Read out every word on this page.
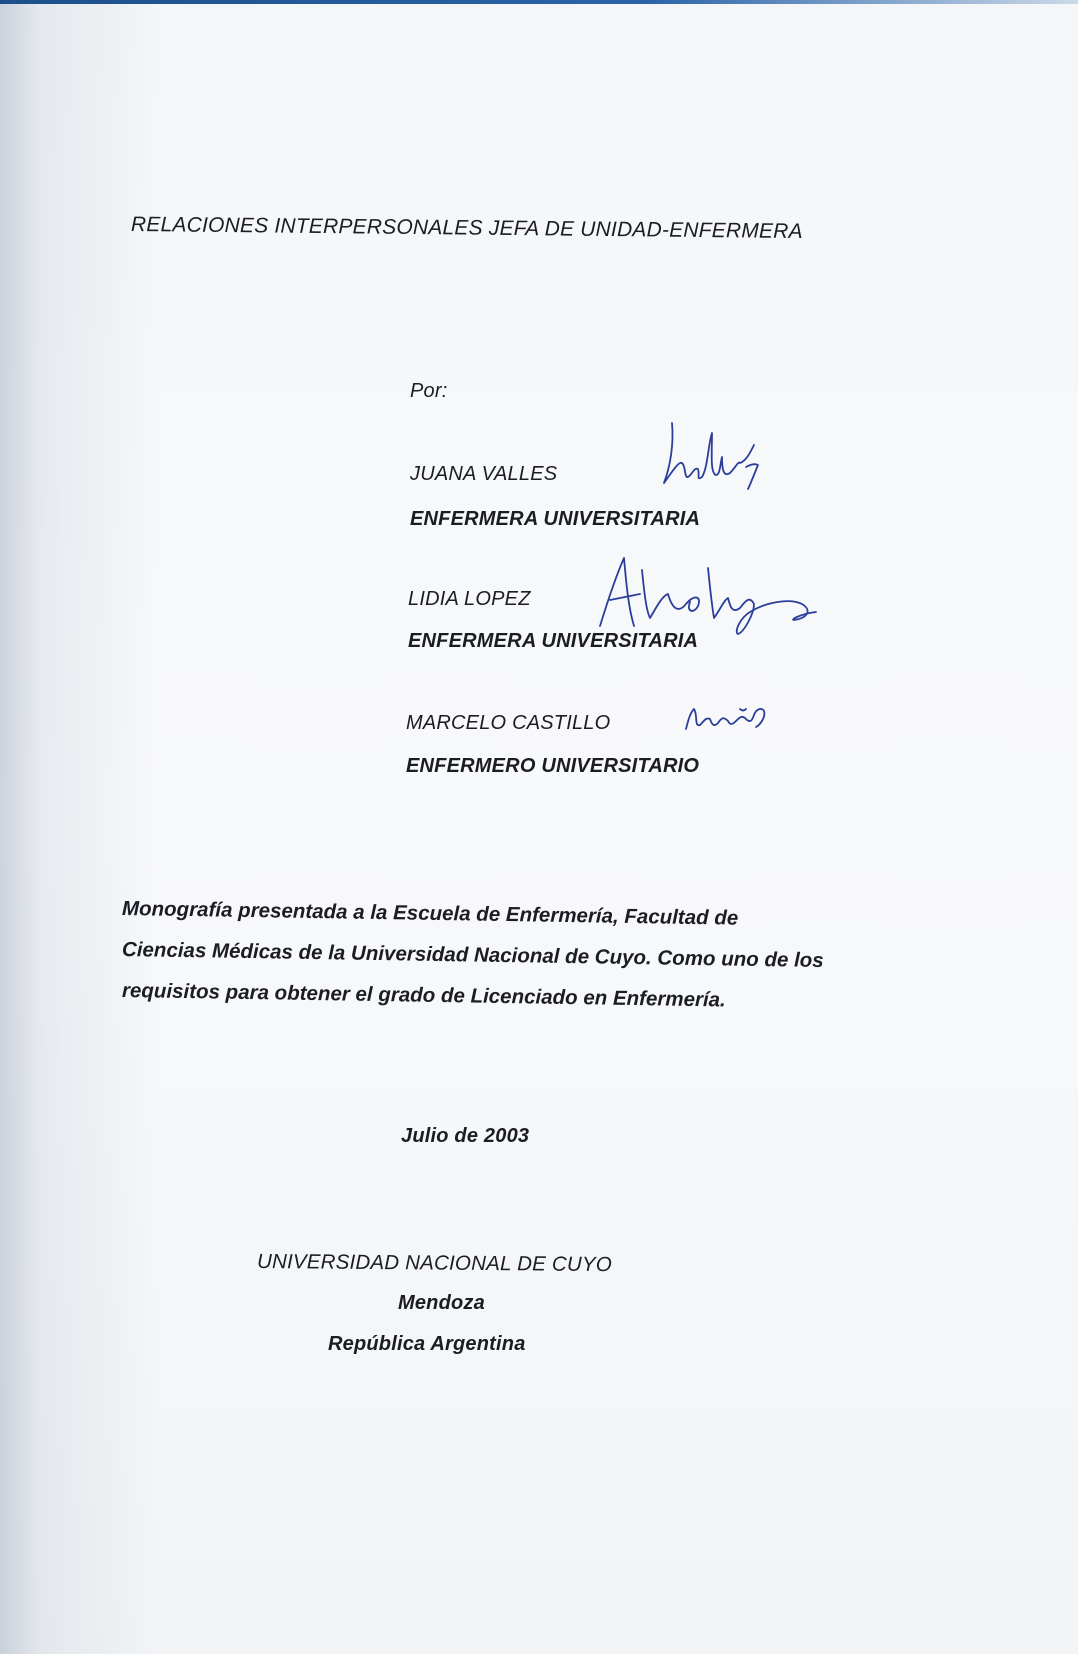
RELACIONES INTERPERSONALES JEFA DE UNIDAD-ENFERMERA

Por:

JUANA VALLES

ENFERMERA UNIVERSITARIA

LIDIA LOPEZ

ENFERMERA UNIVERSITARIA

MARCELO CASTILLO

ENFERMERO UNIVERSITARIO

Monografía presentada a la Escuela de Enfermería, Facultad de

Ciencias Médicas de la Universidad Nacional de Cuyo. Como uno de los

requisitos para obtener el grado de Licenciado en Enfermería.

Julio de 2003

UNIVERSIDAD NACIONAL DE CUYO

Mendoza

República Argentina
